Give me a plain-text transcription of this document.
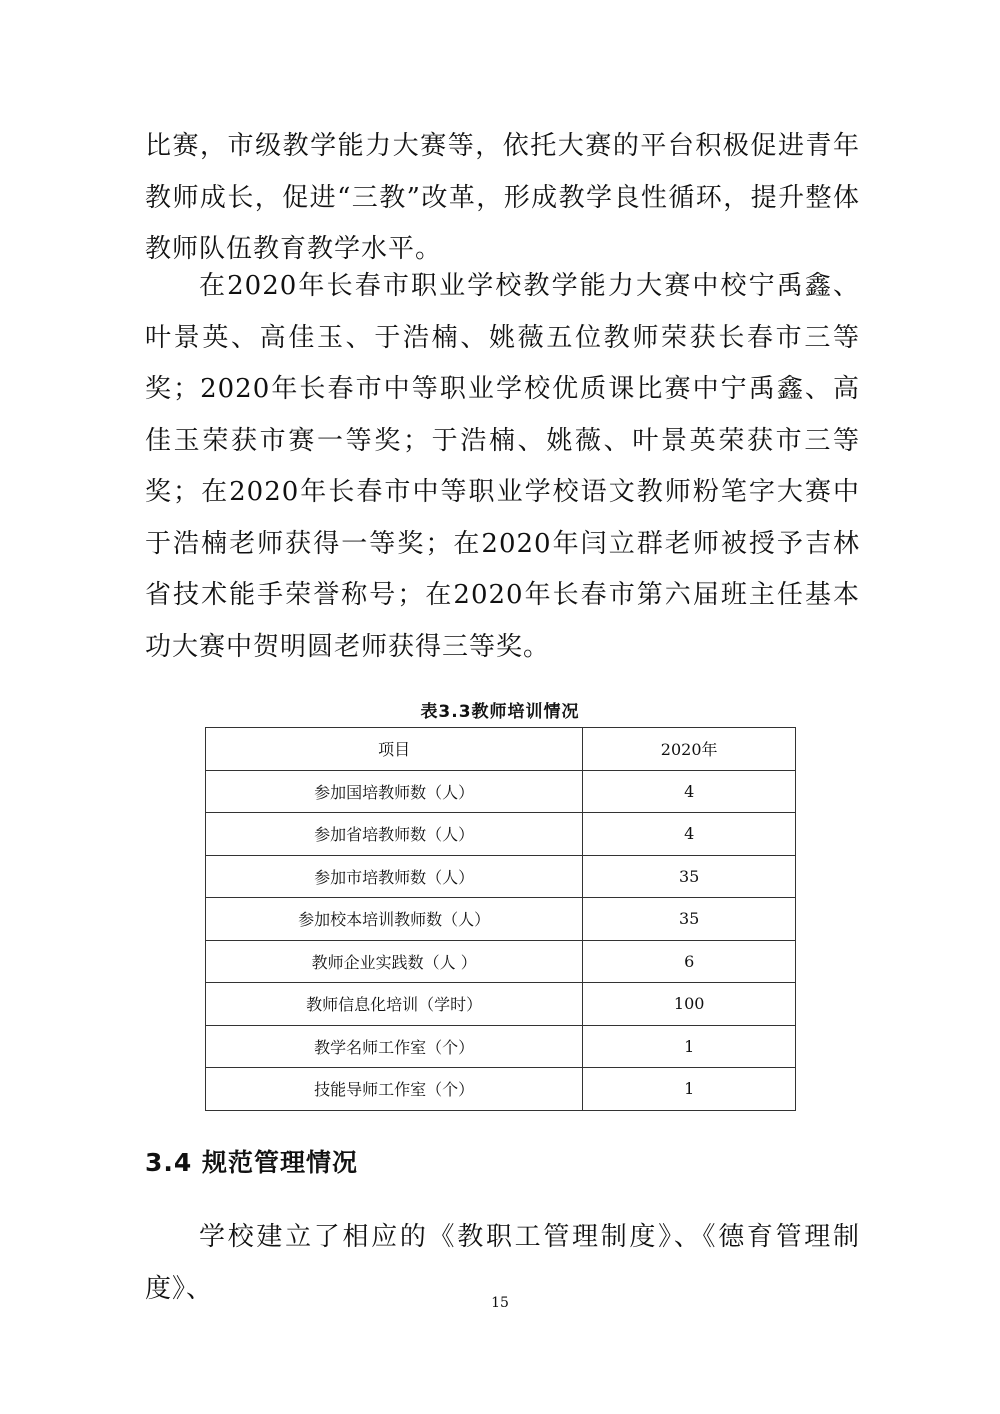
比赛，市级教学能力大赛等，依托大赛的平台积极促进青年教师成长，促进“三教”改革，形成教学良性循环，提升整体教师队伍教育教学水平。

在2020年长春市职业学校教学能力大赛中校宁禹鑫、叶景英、高佳玉、于浩楠、姚薇五位教师荣获长春市三等奖；2020年长春市中等职业学校优质课比赛中宁禹鑫、高佳玉荣获市赛一等奖；于浩楠、姚薇、叶景英荣获市三等奖；在2020年长春市中等职业学校语文教师粉笔字大赛中于浩楠老师获得一等奖；在2020年闫立群老师被授予吉林省技术能手荣誉称号；在2020年长春市第六届班主任基本功大赛中贺明圆老师获得三等奖。

表3.3教师培训情况
项目	2020年
参加国培教师数（人）	4
参加省培教师数（人）	4
参加市培教师数（人）	35
参加校本培训教师数（人）	35
教师企业实践数（人 ）	6
教师信息化培训（学时）	100
教学名师工作室（个）	1
技能导师工作室（个）	1
3.4 规范管理情况

学校建立了相应的《教职工管理制度》、《德育管理制度》、	15
